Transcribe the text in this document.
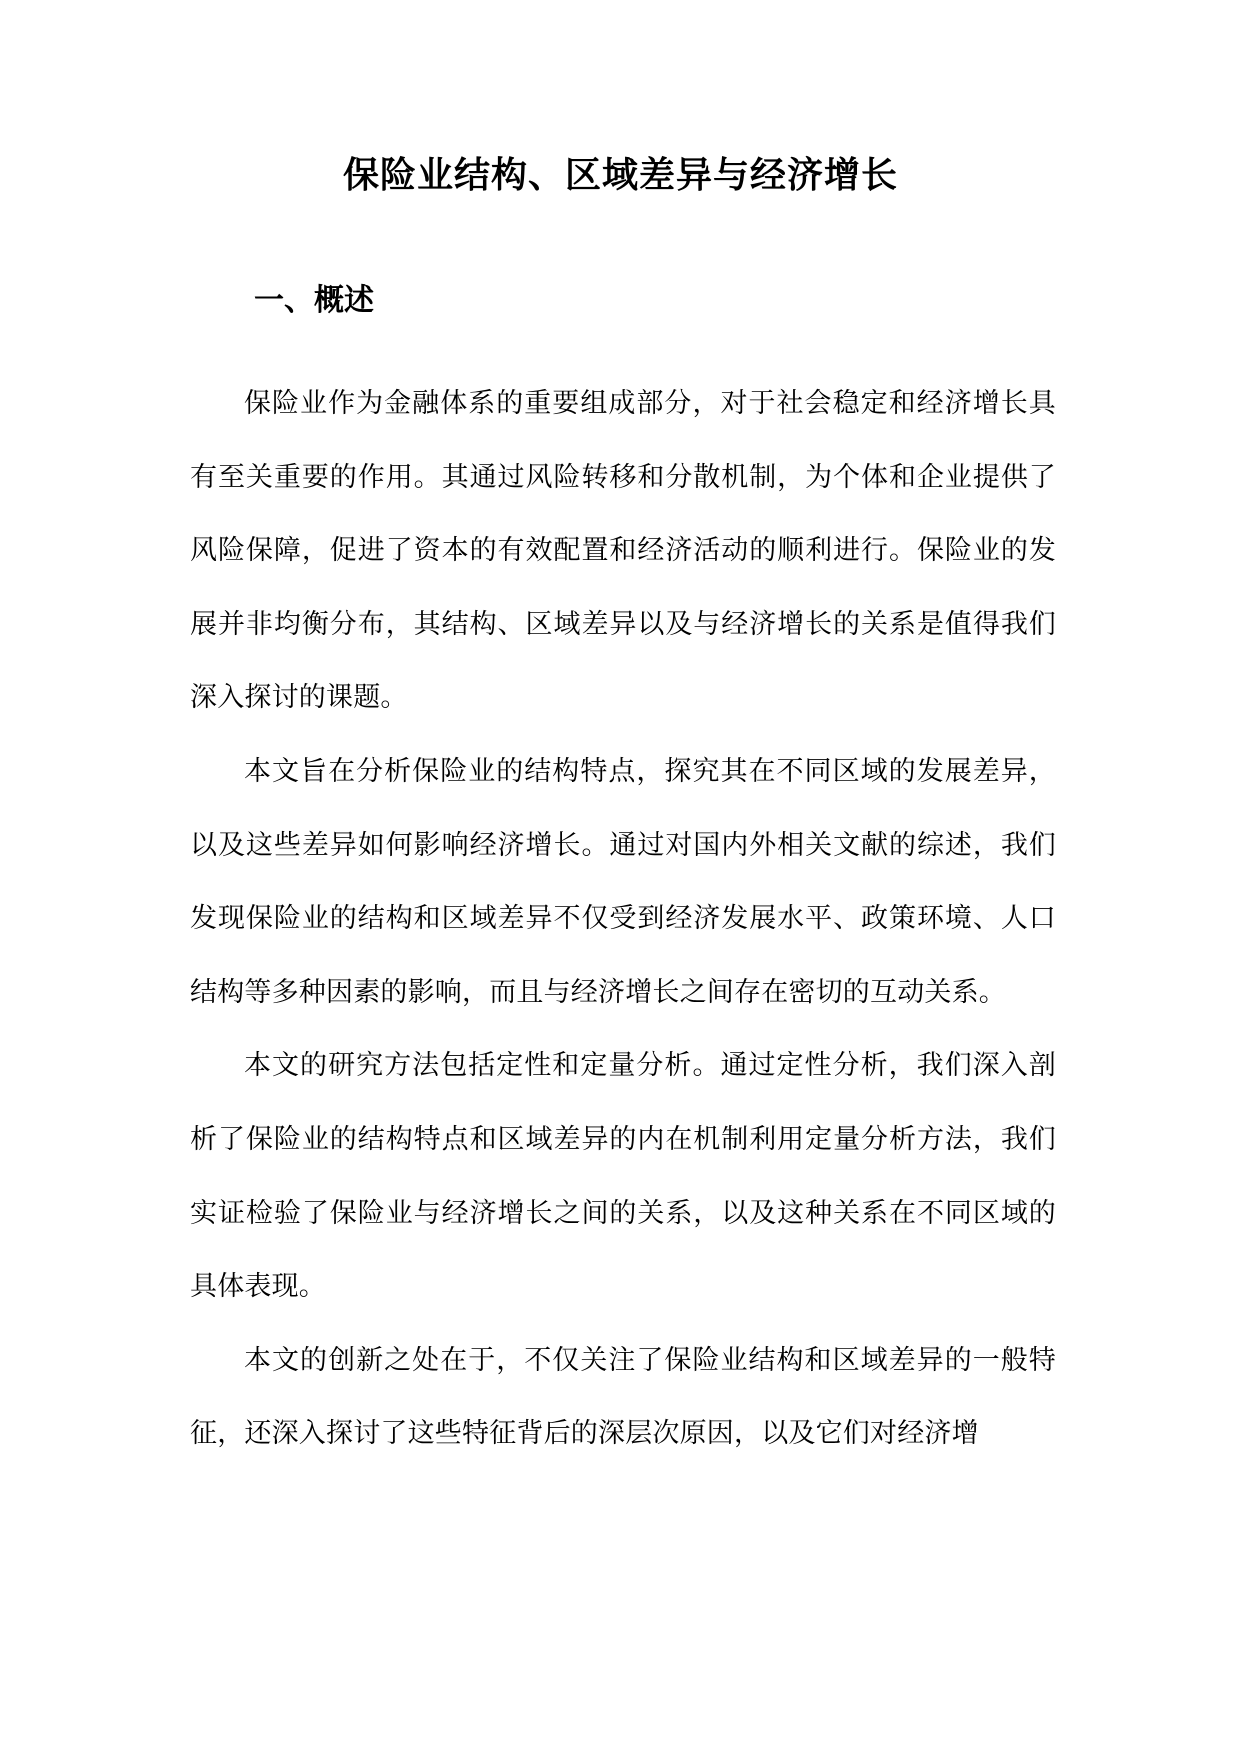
保险业结构、区域差异与经济增长
一、概述

保险业作为金融体系的重要组成部分，对于社会稳定和经济增长具有至关重要的作用。其通过风险转移和分散机制，为个体和企业提供了风险保障，促进了资本的有效配置和经济活动的顺利进行。保险业的发展并非均衡分布，其结构、区域差异以及与经济增长的关系是值得我们深入探讨的课题。

本文旨在分析保险业的结构特点，探究其在不同区域的发展差异，以及这些差异如何影响经济增长。通过对国内外相关文献的综述，我们发现保险业的结构和区域差异不仅受到经济发展水平、政策环境、人口结构等多种因素的影响，而且与经济增长之间存在密切的互动关系。

本文的研究方法包括定性和定量分析。通过定性分析，我们深入剖析了保险业的结构特点和区域差异的内在机制利用定量分析方法，我们实证检验了保险业与经济增长之间的关系，以及这种关系在不同区域的具体表现。

本文的创新之处在于，不仅关注了保险业结构和区域差异的一般特征，还深入探讨了这些特征背后的深层次原因，以及它们对经济增
